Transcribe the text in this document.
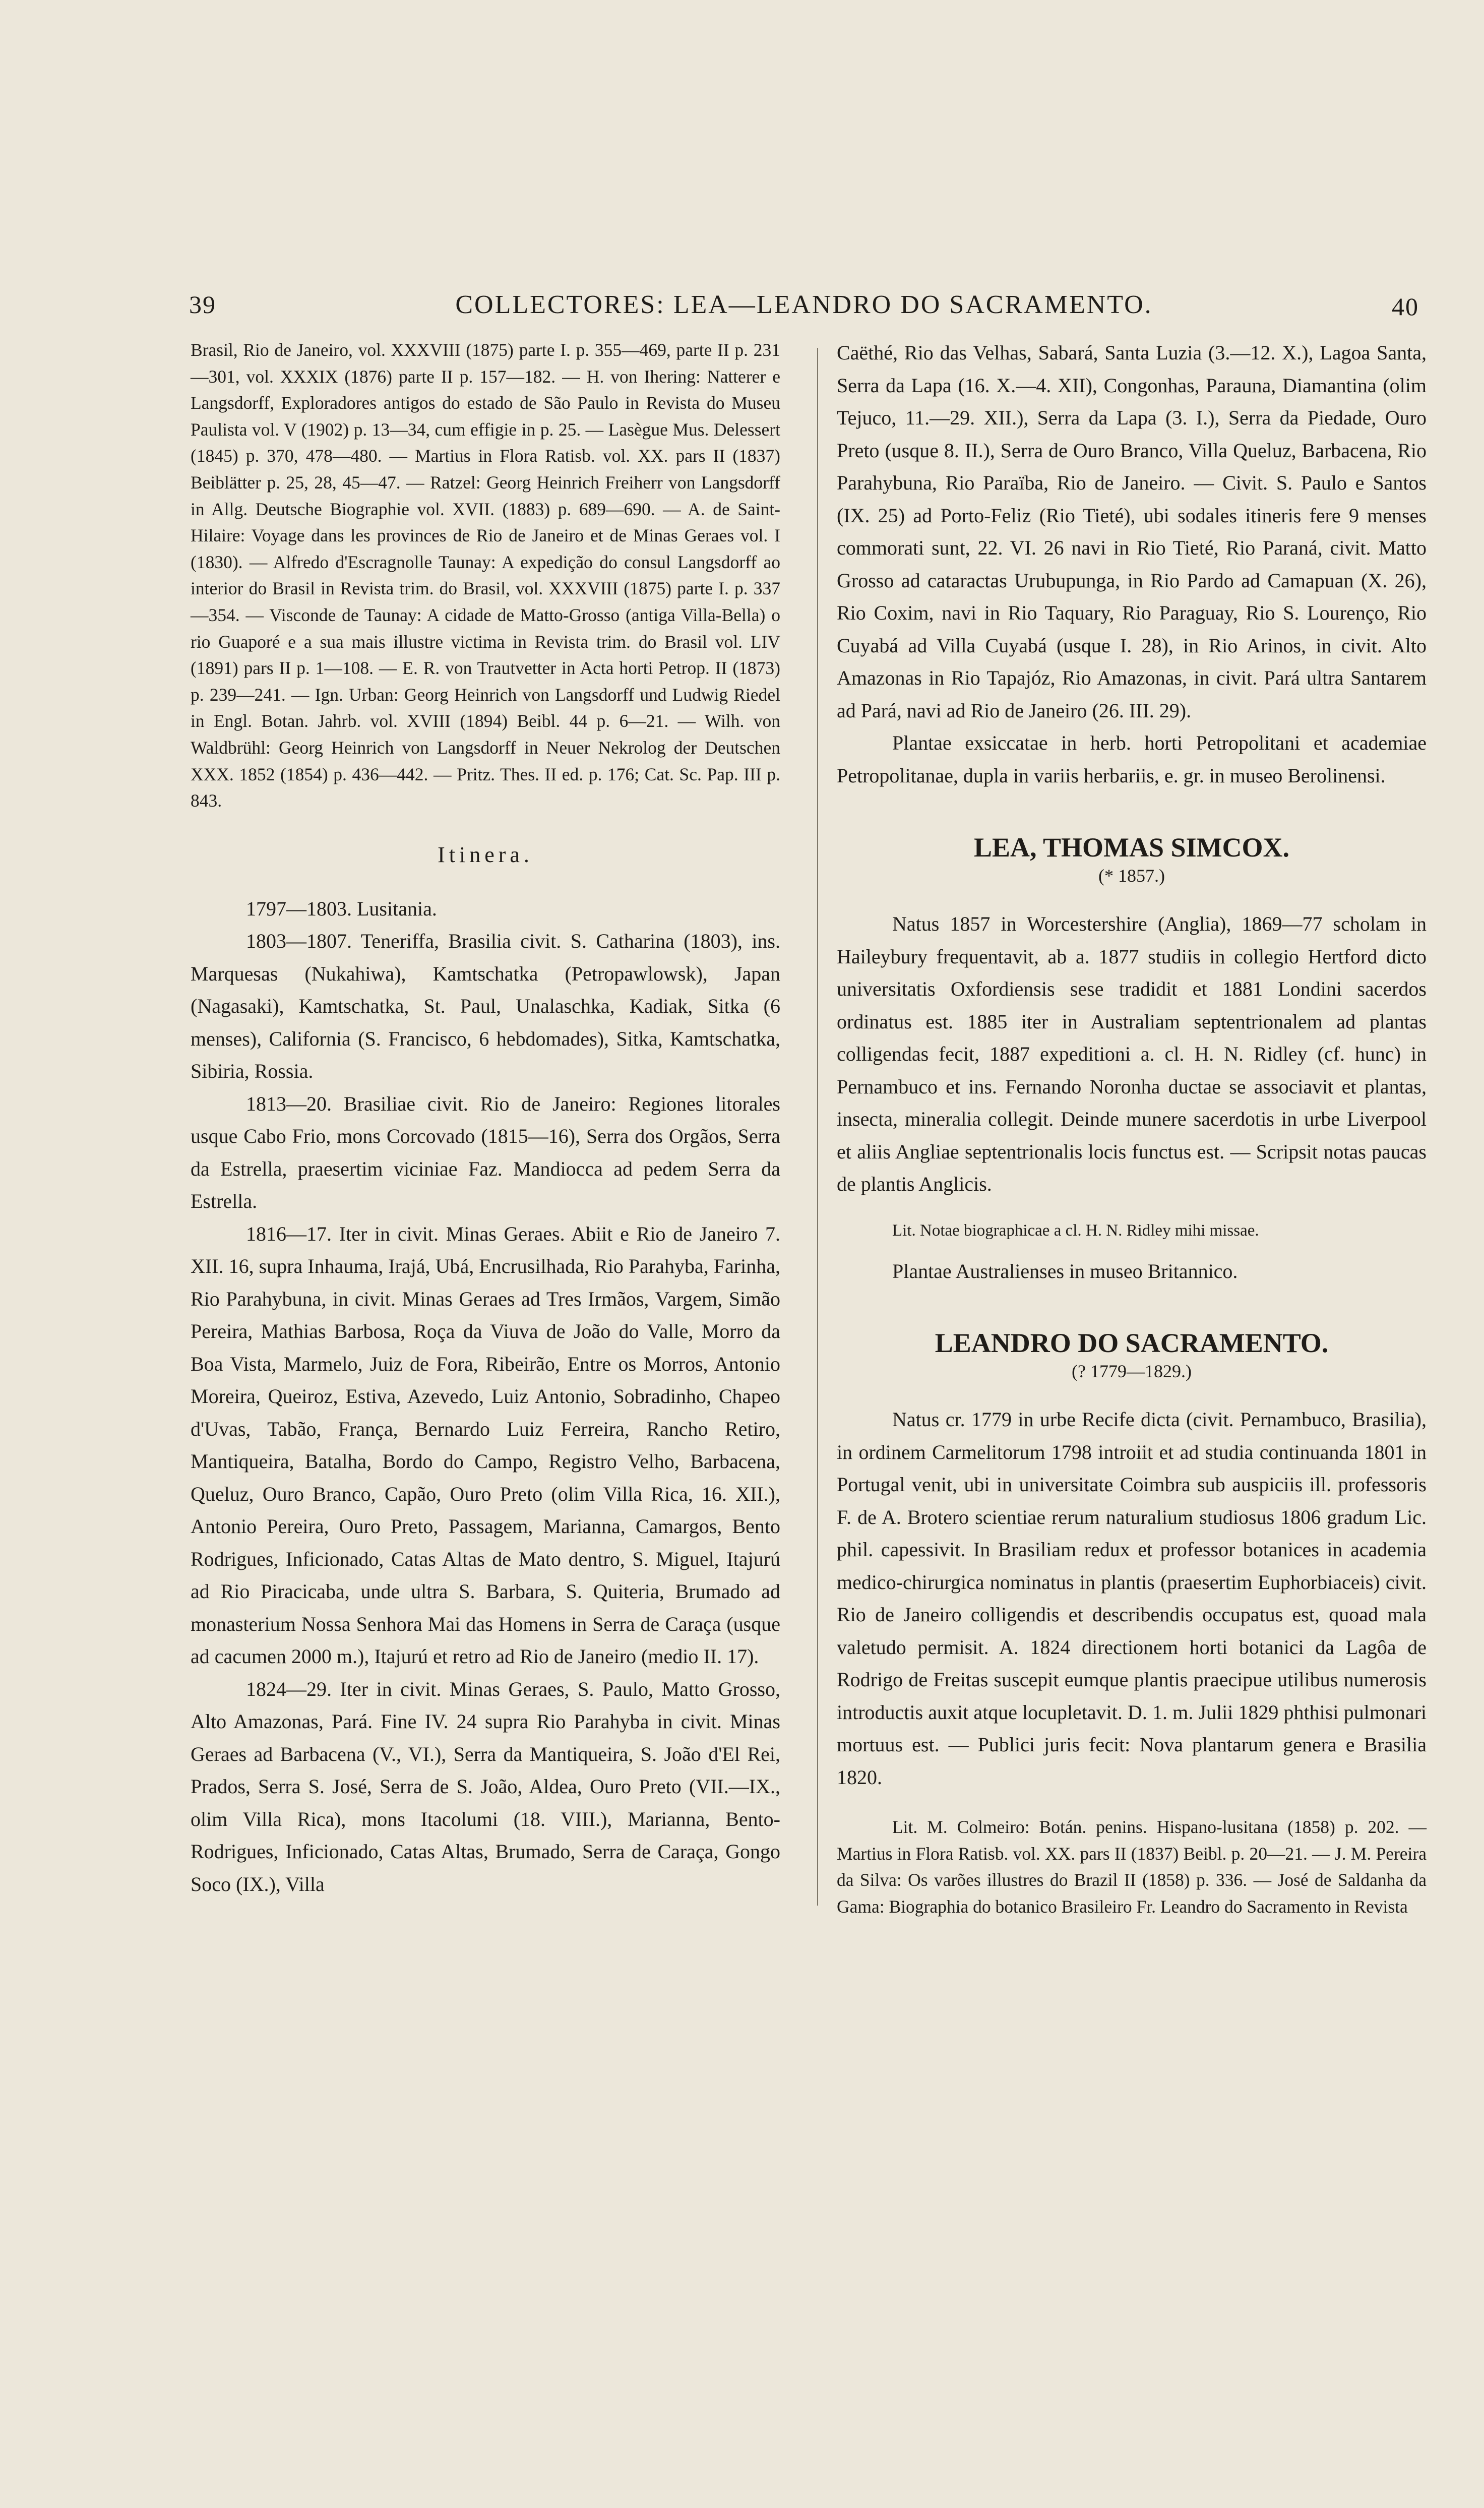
39	COLLECTORES: LEA—LEANDRO DO SACRAMENTO.	40

Brasil, Rio de Janeiro, vol. XXXVIII (1875) parte I. p. 355—469, parte II p. 231—301, vol. XXXIX (1876) parte II p. 157—182. — H. von Ihering: Natterer e Langsdorff, Exploradores antigos do estado de São Paulo in Revista do Museu Paulista vol. V (1902) p. 13—34, cum effigie in p. 25. — Lasègue Mus. Delessert (1845) p. 370, 478—480. — Martius in Flora Ratisb. vol. XX. pars II (1837) Beiblätter p. 25, 28, 45—47. — Ratzel: Georg Heinrich Freiherr von Langsdorff in Allg. Deutsche Biographie vol. XVII. (1883) p. 689—690. — A. de Saint-Hilaire: Voyage dans les provinces de Rio de Janeiro et de Minas Geraes vol. I (1830). — Alfredo d'Escragnolle Taunay: A expedição do consul Langsdorff ao interior do Brasil in Revista trim. do Brasil, vol. XXXVIII (1875) parte I. p. 337—354. — Visconde de Taunay: A cidade de Matto-Grosso (antiga Villa-Bella) o rio Guaporé e a sua mais illustre victima in Revista trim. do Brasil vol. LIV (1891) pars II p. 1—108. — E. R. von Trautvetter in Acta horti Petrop. II (1873) p. 239—241. — Ign. Urban: Georg Heinrich von Langsdorff und Ludwig Riedel in Engl. Botan. Jahrb. vol. XVIII (1894) Beibl. 44 p. 6—21. — Wilh. von Waldbrühl: Georg Heinrich von Langsdorff in Neuer Nekrolog der Deutschen XXX. 1852 (1854) p. 436—442. — Pritz. Thes. II ed. p. 176; Cat. Sc. Pap. III p. 843.

Itinera.

1797—1803. Lusitania.

1803—1807. Teneriffa, Brasilia civit. S. Catharina (1803), ins. Marquesas (Nukahiwa), Kamtschatka (Petropawlowsk), Japan (Nagasaki), Kamtschatka, St. Paul, Unalaschka, Kadiak, Sitka (6 menses), California (S. Francisco, 6 hebdomades), Sitka, Kamtschatka, Sibiria, Rossia.

1813—20. Brasiliae civit. Rio de Janeiro: Regiones litorales usque Cabo Frio, mons Corcovado (1815—16), Serra dos Orgãos, Serra da Estrella, praesertim viciniae Faz. Mandiocca ad pedem Serra da Estrella.

1816—17. Iter in civit. Minas Geraes. Abiit e Rio de Janeiro 7. XII. 16, supra Inhauma, Irajá, Ubá, Encrusilhada, Rio Parahyba, Farinha, Rio Parahybuna, in civit. Minas Geraes ad Tres Irmãos, Vargem, Simão Pereira, Mathias Barbosa, Roça da Viuva de João do Valle, Morro da Boa Vista, Marmelo, Juiz de Fora, Ribeirão, Entre os Morros, Antonio Moreira, Queiroz, Estiva, Azevedo, Luiz Antonio, Sobradinho, Chapeo d'Uvas, Tabão, França, Bernardo Luiz Ferreira, Rancho Retiro, Mantiqueira, Batalha, Bordo do Campo, Registro Velho, Barbacena, Queluz, Ouro Branco, Capão, Ouro Preto (olim Villa Rica, 16. XII.), Antonio Pereira, Ouro Preto, Passagem, Marianna, Camargos, Bento Rodrigues, Inficionado, Catas Altas de Mato dentro, S. Miguel, Itajurú ad Rio Piracicaba, unde ultra S. Barbara, S. Quiteria, Brumado ad monasterium Nossa Senhora Mai das Homens in Serra de Caraça (usque ad cacumen 2000 m.), Itajurú et retro ad Rio de Janeiro (medio II. 17).

1824—29. Iter in civit. Minas Geraes, S. Paulo, Matto Grosso, Alto Amazonas, Pará. Fine IV. 24 supra Rio Parahyba in civit. Minas Geraes ad Barbacena (V., VI.), Serra da Mantiqueira, S. João d'El Rei, Prados, Serra S. José, Serra de S. João, Aldea, Ouro Preto (VII.—IX., olim Villa Rica), mons Itacolumi (18. VIII.), Marianna, Bento-Rodrigues, Inficionado, Catas Altas, Brumado, Serra de Caraça, Gongo Soco (IX.), Villa

Caëthé, Rio das Velhas, Sabará, Santa Luzia (3.—12. X.), Lagoa Santa, Serra da Lapa (16. X.—4. XII), Congonhas, Parauna, Diamantina (olim Tejuco, 11.—29. XII.), Serra da Lapa (3. I.), Serra da Piedade, Ouro Preto (usque 8. II.), Serra de Ouro Branco, Villa Queluz, Barbacena, Rio Parahybuna, Rio Paraïba, Rio de Janeiro. — Civit. S. Paulo e Santos (IX. 25) ad Porto-Feliz (Rio Tieté), ubi sodales itineris fere 9 menses commorati sunt, 22. VI. 26 navi in Rio Tieté, Rio Paraná, civit. Matto Grosso ad cataractas Urubupunga, in Rio Pardo ad Camapuan (X. 26), Rio Coxim, navi in Rio Taquary, Rio Paraguay, Rio S. Lourenço, Rio Cuyabá ad Villa Cuyabá (usque I. 28), in Rio Arinos, in civit. Alto Amazonas in Rio Tapajóz, Rio Amazonas, in civit. Pará ultra Santarem ad Pará, navi ad Rio de Janeiro (26. III. 29).

Plantae exsiccatae in herb. horti Petropolitani et academiae Petropolitanae, dupla in variis herbariis, e. gr. in museo Berolinensi.

LEA, THOMAS SIMCOX.

(* 1857.)

Natus 1857 in Worcestershire (Anglia), 1869—77 scholam in Haileybury frequentavit, ab a. 1877 studiis in collegio Hertford dicto universitatis Oxfordiensis sese tradidit et 1881 Londini sacerdos ordinatus est. 1885 iter in Australiam septentrionalem ad plantas colligendas fecit, 1887 expeditioni a. cl. H. N. Ridley (cf. hunc) in Pernambuco et ins. Fernando Noronha ductae se associavit et plantas, insecta, mineralia collegit. Deinde munere sacerdotis in urbe Liverpool et aliis Angliae septentrionalis locis functus est. — Scripsit notas paucas de plantis Anglicis.

Lit. Notae biographicae a cl. H. N. Ridley mihi missae.

Plantae Australienses in museo Britannico.

LEANDRO DO SACRAMENTO.

(? 1779—1829.)

Natus cr. 1779 in urbe Recife dicta (civit. Pernambuco, Brasilia), in ordinem Carmelitorum 1798 introiit et ad studia continuanda 1801 in Portugal venit, ubi in universitate Coimbra sub auspiciis ill. professoris F. de A. Brotero scientiae rerum naturalium studiosus 1806 gradum Lic. phil. capessivit. In Brasiliam redux et professor botanices in academia medico-chirurgica nominatus in plantis (praesertim Euphorbiaceis) civit. Rio de Janeiro colligendis et describendis occupatus est, quoad mala valetudo permisit. A. 1824 directionem horti botanici da Lagôa de Rodrigo de Freitas suscepit eumque plantis praecipue utilibus numerosis introductis auxit atque locupletavit. D. 1. m. Julii 1829 phthisi pulmonari mortuus est. — Publici juris fecit: Nova plantarum genera e Brasilia 1820.

Lit. M. Colmeiro: Botán. penins. Hispano-lusitana (1858) p. 202. — Martius in Flora Ratisb. vol. XX. pars II (1837) Beibl. p. 20—21. — J. M. Pereira da Silva: Os varões illustres do Brazil II (1858) p. 336. — José de Saldanha da Gama: Biographia do botanico Brasileiro Fr. Leandro do Sacramento in Revista
